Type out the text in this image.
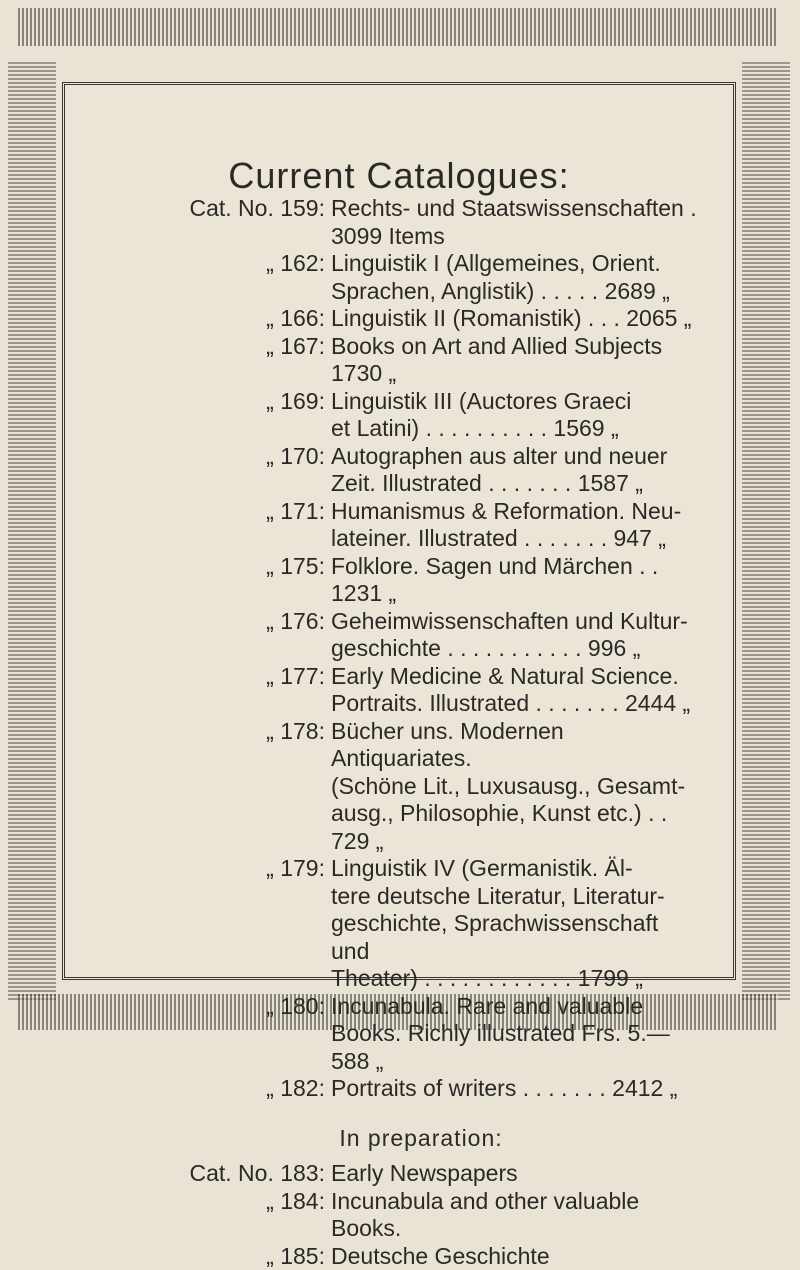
Current Catalogues:
Cat. No. 159: Rechts- und Staatswissenschaften . 3099 Items
„ 162: Linguistik I (Allgemeines, Orient.
Sprachen, Anglistik) . . . . . 2689 „
„ 166: Linguistik II (Romanistik) . . . 2065 „
„ 167: Books on Art and Allied Subjects 1730 „
„ 169: Linguistik III (Auctores Graeci
et Latini) . . . . . . . . . . 1569 „
„ 170: Autographen aus alter und neuer
Zeit. Illustrated . . . . . . . 1587 „
„ 171: Humanismus & Reformation. Neu-
lateiner. Illustrated . . . . . . . 947 „
„ 175: Folklore. Sagen und Märchen . . 1231 „
„ 176: Geheimwissenschaften und Kultur-
geschichte . . . . . . . . . . . 996 „
„ 177: Early Medicine & Natural Science.
Portraits. Illustrated . . . . . . . 2444 „
„ 178: Bücher uns. Modernen Antiquariates.
(Schöne Lit., Luxusausg., Gesamt-
ausg., Philosophie, Kunst etc.) . . 729 „
„ 179: Linguistik IV (Germanistik. Äl-
tere deutsche Literatur, Literatur-
geschichte, Sprachwissenschaft und
Theater) . . . . . . . . . . . . 1799 „
„ 180: Incunabula. Rare and valuable
Books. Richly illustrated Frs. 5.— 588 „
„ 182: Portraits of writers . . . . . . . 2412 „
In preparation:
Cat. No. 183: Early Newspapers
„ 184: Incunabula and other valuable Books.
„ 185: Deutsche Geschichte
